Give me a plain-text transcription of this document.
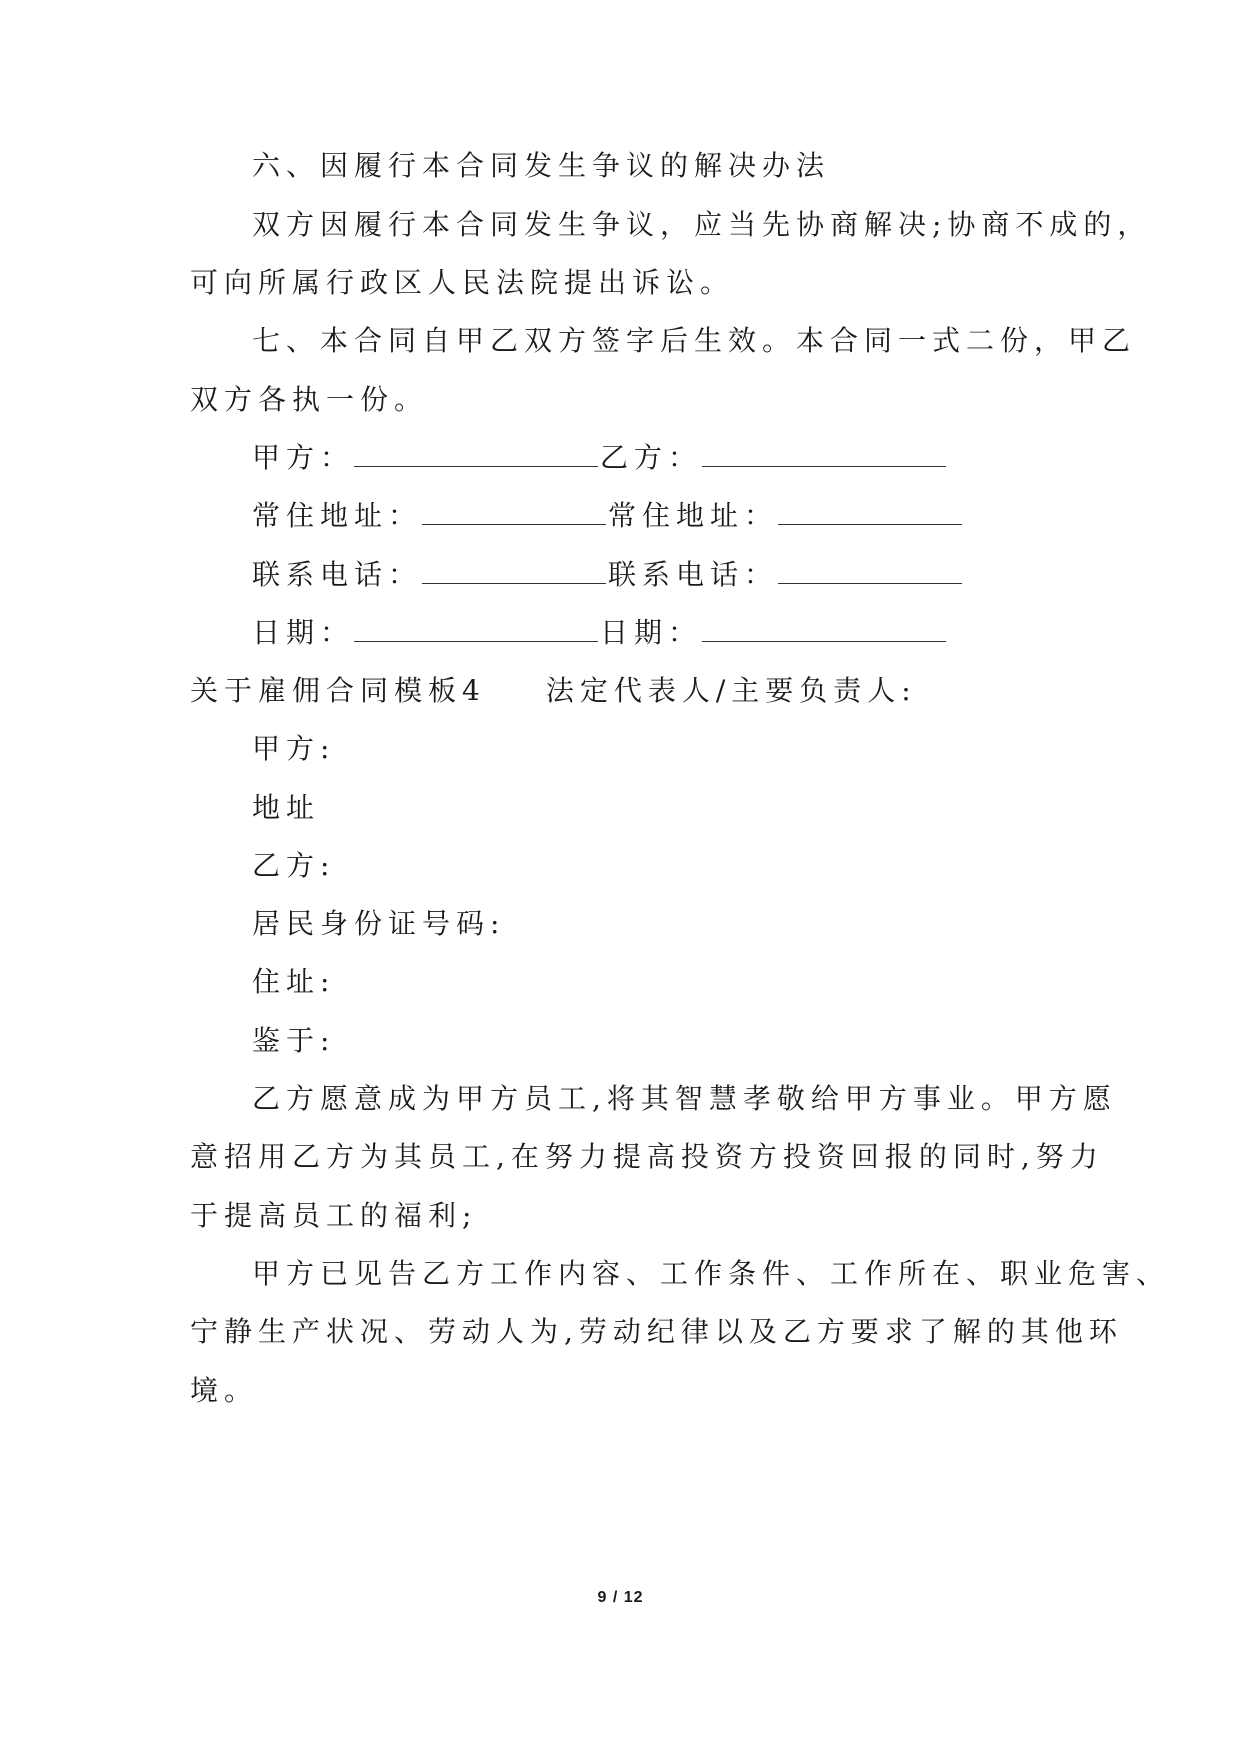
六、因履行本合同发生争议的解决办法
双方因履行本合同发生争议，应当先协商解决;协商不成的，
可向所属行政区人民法院提出诉讼。
七、本合同自甲乙双方签字后生效。本合同一式二份，甲乙
双方各执一份。
甲方：	乙方：
常住地址：	常住地址：
联系电话：	联系电话：
日期：	日期：
关于雇佣合同模板4 法定代表人/主要负责人:
甲方:
地址
乙方:
居民身份证号码:
住址:
鉴于:
乙方愿意成为甲方员工,将其智慧孝敬给甲方事业。甲方愿
意招用乙方为其员工,在努力提高投资方投资回报的同时,努力
于提高员工的福利;
甲方已见告乙方工作内容、工作条件、工作所在、职业危害、
宁静生产状况、劳动人为,劳动纪律以及乙方要求了解的其他环
境。
9 / 12
